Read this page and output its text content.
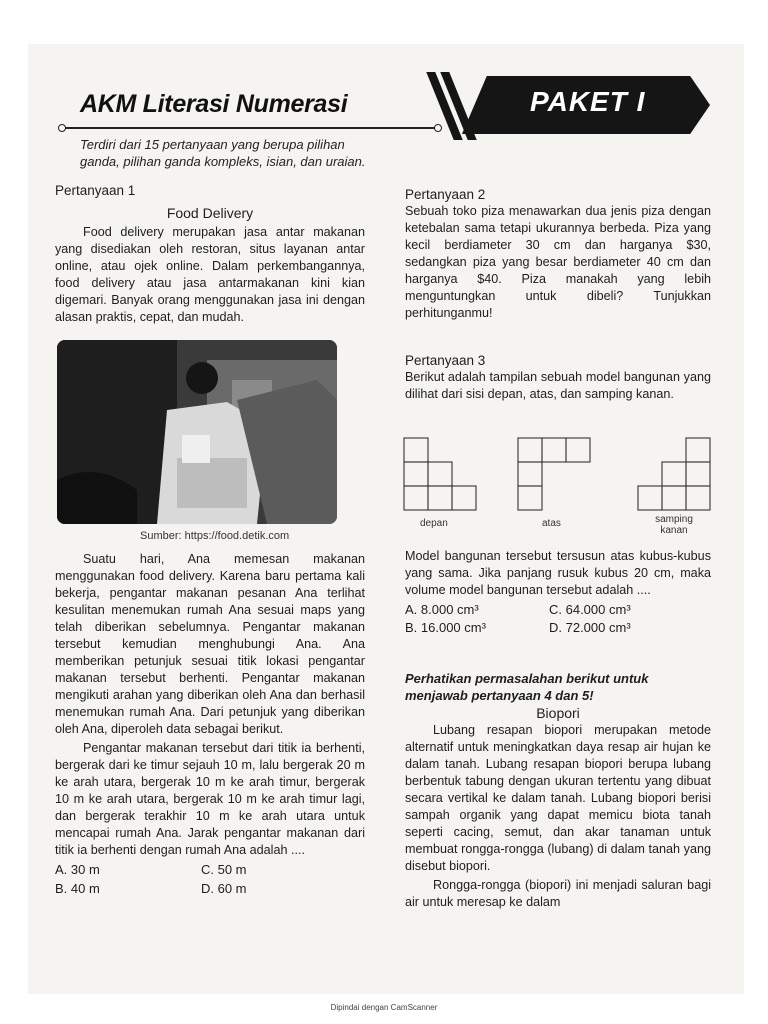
AKM Literasi Numerasi	PAKET I
Terdiri dari 15 pertanyaan yang berupa pilihan
ganda, pilihan ganda kompleks, isian, dan uraian.
Pertanyaan 1
Food Delivery
Food delivery merupakan jasa antar makanan yang disediakan oleh restoran, situs layanan antar online, atau ojek online. Dalam perkembangannya, food delivery atau jasa antarmakanan kini kian digemari. Banyak orang menggunakan jasa ini dengan alasan praktis, cepat, dan mudah.
Sumber: https://food.detik.com
Suatu hari, Ana memesan makanan menggunakan food delivery. Karena baru pertama kali bekerja, pengantar makanan pesanan Ana terlihat kesulitan menemukan rumah Ana sesuai maps yang telah diberikan sebelumnya. Pengantar makanan tersebut kemudian menghubungi Ana. Ana memberikan petunjuk sesuai titik lokasi pengantar makanan tersebut berhenti. Pengantar makanan mengikuti arahan yang diberikan oleh Ana dan berhasil menemukan rumah Ana. Dari petunjuk yang diberikan oleh Ana, diperoleh data sebagai berikut.
Pengantar makanan tersebut dari titik ia berhenti, bergerak dari ke timur sejauh 10 m, lalu bergerak 20 m ke arah utara, bergerak 10 m ke arah timur, bergerak 10 m ke arah utara, bergerak 10 m ke arah timur lagi, dan bergerak terakhir 10 m ke arah utara untuk mencapai rumah Ana. Jarak pengantar makanan dari titik ia berhenti dengan rumah Ana adalah ....
A. 30 m	C. 50 m
B. 40 m	D. 60 m
Pertanyaan 2
Sebuah toko piza menawarkan dua jenis piza dengan ketebalan sama tetapi ukurannya berbeda. Piza yang kecil berdiameter 30 cm dan harganya $30, sedangkan piza yang besar berdiameter 40 cm dan harganya $40. Piza manakah yang lebih menguntungkan untuk dibeli? Tunjukkan perhitunganmu!
Pertanyaan 3
Berikut adalah tampilan sebuah model bangunan yang dilihat dari sisi depan, atas, dan samping kanan.
depan	atas	samping
kanan
Model bangunan tersebut tersusun atas kubus-kubus yang sama. Jika panjang rusuk kubus 20 cm, maka volume model bangunan tersebut adalah ....
A. 8.000 cm³	C. 64.000 cm³
B. 16.000 cm³	D. 72.000 cm³
Perhatikan permasalahan berikut untuk menjawab pertanyaan 4 dan 5!
Biopori
Lubang resapan biopori merupakan metode alternatif untuk meningkatkan daya resap air hujan ke dalam tanah. Lubang resapan biopori berupa lubang berbentuk tabung dengan ukuran tertentu yang dibuat secara vertikal ke dalam tanah. Lubang biopori berisi sampah organik yang dapat memicu biota tanah seperti cacing, semut, dan akar tanaman untuk membuat rongga-rongga (lubang) di dalam tanah yang disebut biopori.
Rongga-rongga (biopori) ini menjadi saluran bagi air untuk meresap ke dalam
Dipindai dengan CamScanner
